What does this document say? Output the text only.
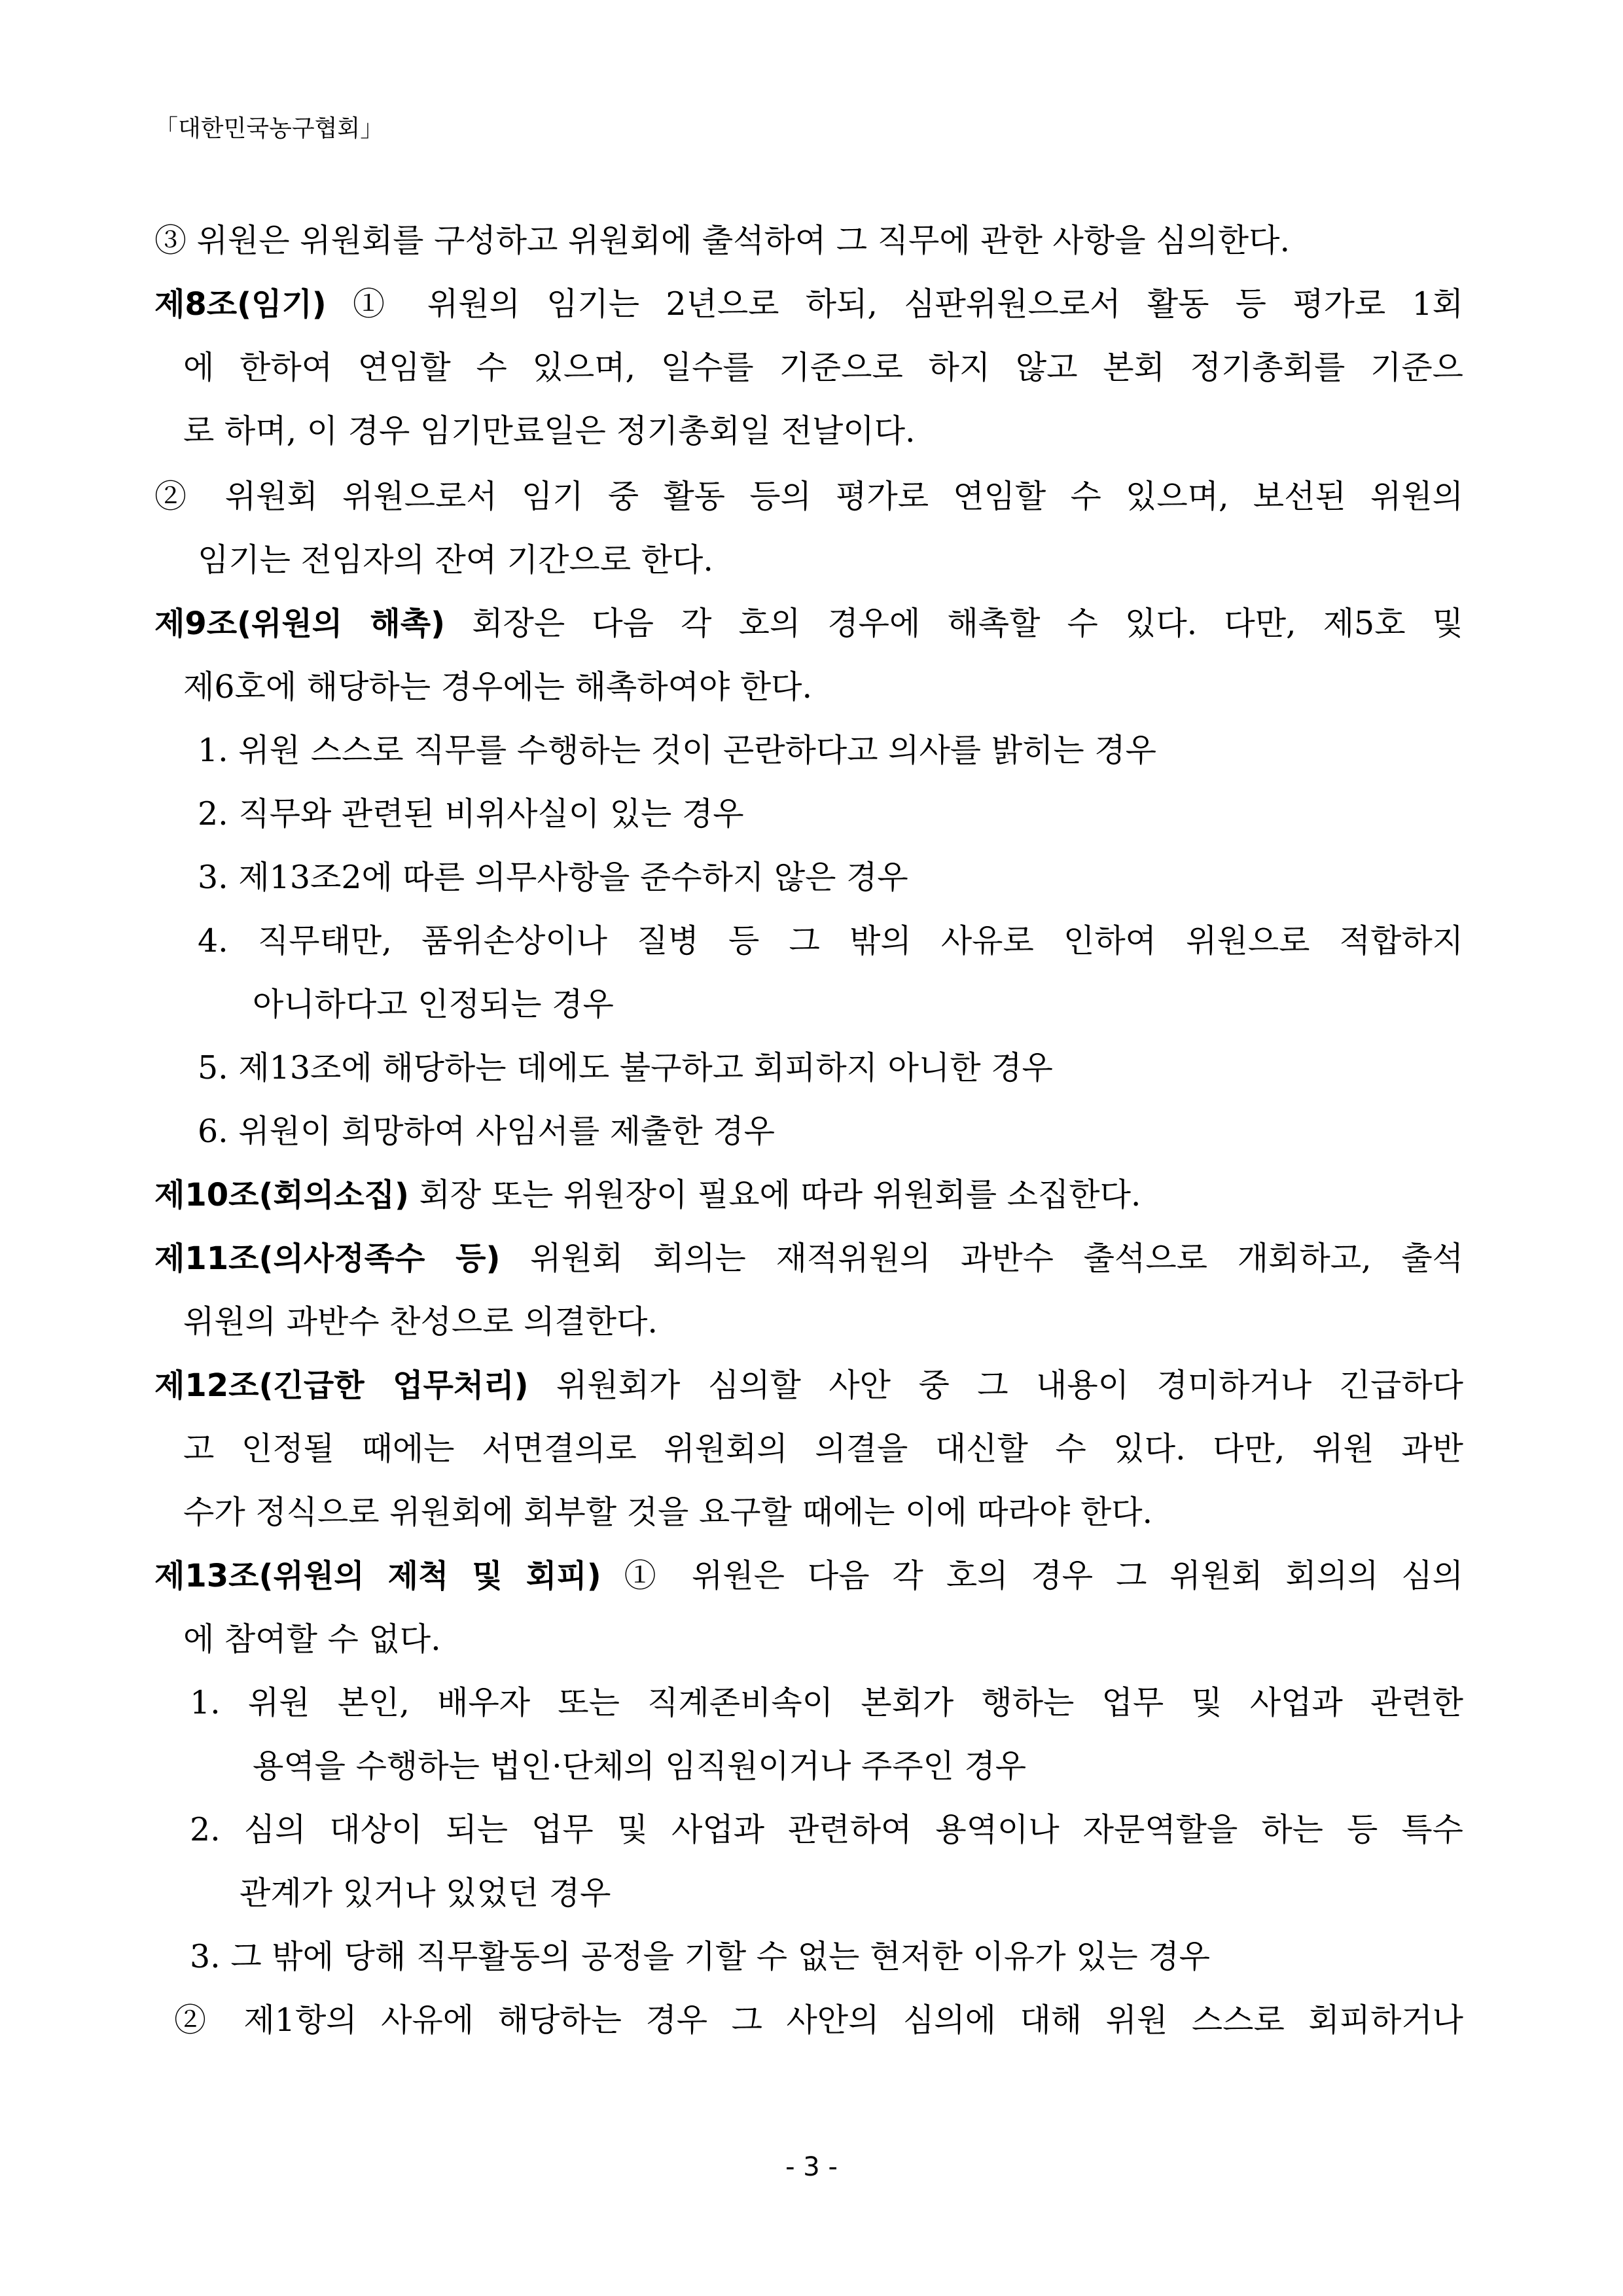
「대한민국농구협회」
③ 위원은 위원회를 구성하고 위원회에 출석하여 그 직무에 관한 사항을 심의한다.
제8조(임기) ① 위원의 임기는 2년으로 하되, 심판위원으로서 활동 등 평가로 1회
에 한하여 연임할 수 있으며, 일수를 기준으로 하지 않고 본회 정기총회를 기준으
로 하며, 이 경우 임기만료일은 정기총회일 전날이다.
② 위원회 위원으로서 임기 중 활동 등의 평가로 연임할 수 있으며, 보선된 위원의
임기는 전임자의 잔여 기간으로 한다.
제9조(위원의 해촉) 회장은 다음 각 호의 경우에 해촉할 수 있다. 다만, 제5호 및
제6호에 해당하는 경우에는 해촉하여야 한다.
1. 위원 스스로 직무를 수행하는 것이 곤란하다고 의사를 밝히는 경우
2. 직무와 관련된 비위사실이 있는 경우
3. 제13조2에 따른 의무사항을 준수하지 않은 경우
4. 직무태만, 품위손상이나 질병 등 그 밖의 사유로 인하여 위원으로 적합하지
아니하다고 인정되는 경우
5. 제13조에 해당하는 데에도 불구하고 회피하지 아니한 경우
6. 위원이 희망하여 사임서를 제출한 경우
제10조(회의소집) 회장 또는 위원장이 필요에 따라 위원회를 소집한다.
제11조(의사정족수 등) 위원회 회의는 재적위원의 과반수 출석으로 개회하고, 출석
위원의 과반수 찬성으로 의결한다.
제12조(긴급한 업무처리) 위원회가 심의할 사안 중 그 내용이 경미하거나 긴급하다
고 인정될 때에는 서면결의로 위원회의 의결을 대신할 수 있다. 다만, 위원 과반
수가 정식으로 위원회에 회부할 것을 요구할 때에는 이에 따라야 한다.
제13조(위원의 제척 및 회피) ① 위원은 다음 각 호의 경우 그 위원회 회의의 심의
에 참여할 수 없다.
1. 위원 본인, 배우자 또는 직계존비속이 본회가 행하는 업무 및 사업과 관련한
용역을 수행하는 법인·단체의 임직원이거나 주주인 경우
2. 심의 대상이 되는 업무 및 사업과 관련하여 용역이나 자문역할을 하는 등 특수
관계가 있거나 있었던 경우
3. 그 밖에 당해 직무활동의 공정을 기할 수 없는 현저한 이유가 있는 경우
② 제1항의 사유에 해당하는 경우 그 사안의 심의에 대해 위원 스스로 회피하거나
- 3 -
